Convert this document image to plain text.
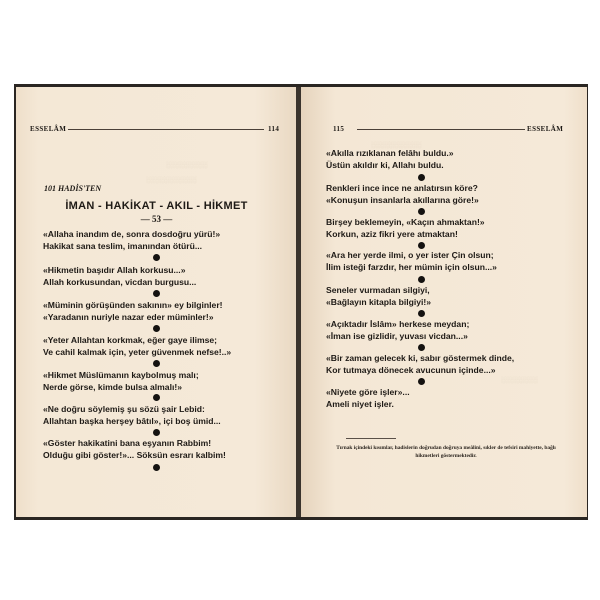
░░░░░░░░░
░░░░░░░░░░░
ESSELÂM	114
101 HADİS'TEN
İMAN - HAKİKAT - AKIL - HİKMET
— 53 —
«Allaha inandım de, sonra dosdoğru yürü!»
Hakikat sana teslim, imanından ötürü...
«Hikmetin başıdır Allah korkusu...»
Allah korkusundan, vicdan burgusu...
«Müminin görüşünden sakının» ey bilginler!
«Yaradanın nuriyle nazar eder müminler!»
«Yeter Allahtan korkmak, eğer gaye ilimse;
Ve cahil kalmak için, yeter güvenmek nefse!..»
«Hikmet Müslümanın kaybolmuş malı;
Nerde görse, kimde bulsa almalı!»
«Ne doğru söylemiş şu sözü şair Lebid:
Allahtan başka herşey bâtıl», içi boş ümid...
«Göster hakikatini bana eşyanın Rabbim!
Olduğu gibi göster!»... Söksün esrarı kalbim!
░░░░░░░░░░░
░░░░░░░░
115	ESSELÂM
«Akılla rızıklanan felâhı buldu.»
Üstün akıldır ki, Allahı buldu.
Renkleri ince ince ne anlatırsın köre?
«Konuşun insanlarla akıllarına göre!»
Birşey beklemeyin, «Kaçın ahmaktan!»
Korkun, aziz fikri yere atmaktan!
«Ara her yerde ilmi, o yer ister Çin olsun;
İlim isteği farzdır, her mümin için olsun...»
Seneler vurmadan silgiyi,
«Bağlayın kitapla bilgiyi!»
«Açıktadır İslâm» herkese meydan;
«İman ise gizlidir, yuvası vicdan...»
«Bir zaman gelecek ki, sabır göstermek dinde,
Kor tutmaya dönecek avucunun içinde...»
«Niyete göre işler»...
Ameli niyet işler.
Tırnak içindeki kısımlar, hadislerin doğrudan doğruya meâlini, sıkler de tefsiri mahiyette, bağlı hikmetleri göstermektedir.
